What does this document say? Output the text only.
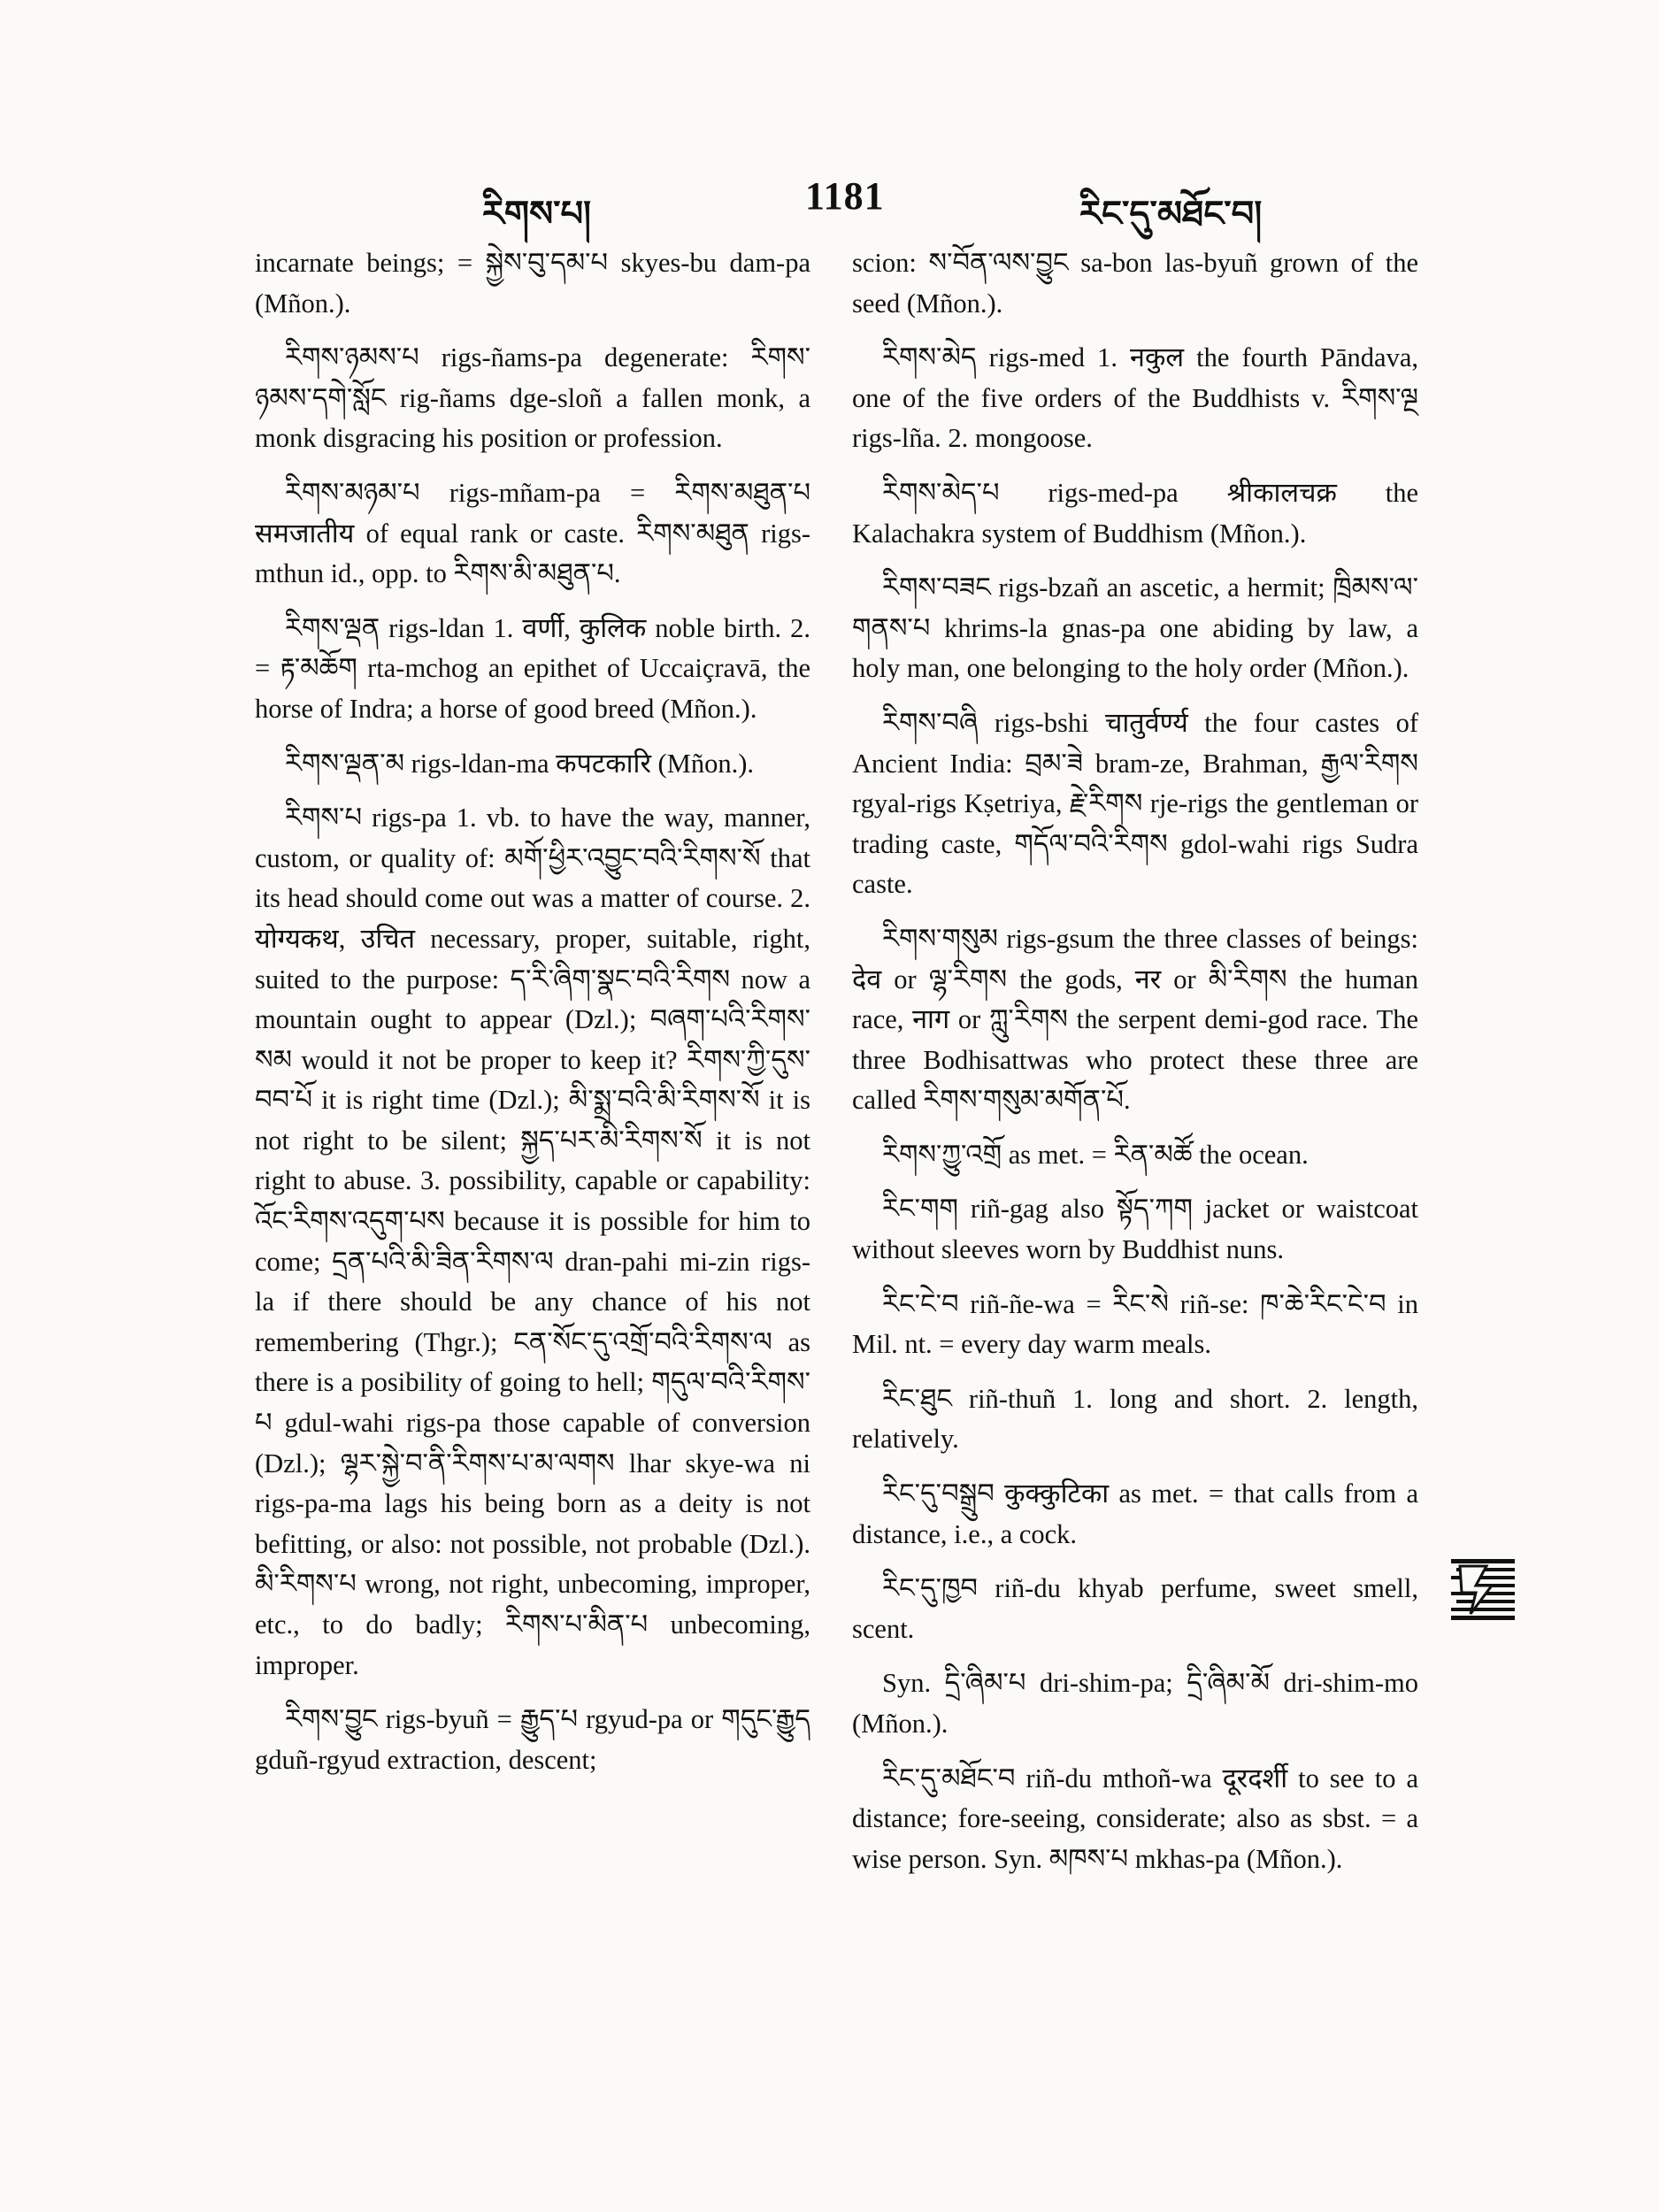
རིགས་པ།	1181	རིང་དུ་མཐོང་བ།

incarnate beings; = སྐྱེས་བུ་དམ་པ skyes-bu dam-pa (Mñon.).

རིགས་ཉམས་པ rigs-ñams-pa degenerate: རིགས་ཉམས་དགེ་སློང rig-ñams dge-sloñ a fallen monk, a monk disgracing his position or profession.

རིགས་མཉམ་པ rigs-mñam-pa = རིགས་མཐུན་པ समजातीय of equal rank or caste. རིགས་མཐུན rigs-mthun id., opp. to རིགས་མི་མཐུན་པ.

རིགས་ལྡན rigs-ldan 1. वर्णी, कुलिक noble birth. 2. = རྟ་མཆོག rta-mchog an epithet of Uccaiçravā, the horse of Indra; a horse of good breed (Mñon.).

རིགས་ལྡན་མ rigs-ldan-ma कपटकारि (Mñon.).

རིགས་པ rigs-pa 1. vb. to have the way, manner, custom, or quality of: མགོ་ཕྱིར་འབྱུང་བའི་རིགས་སོ that its head should come out was a matter of course. 2. योग्यकथ, उचित necessary, proper, suitable, right, suited to the purpose: ད་རི་ཞིག་སྣང་བའི་རིགས now a mountain ought to appear (Dzl.); བཞག་པའི་རིགས་སམ would it not be proper to keep it? རིགས་ཀྱི་དུས་བབ་པོ it is right time (Dzl.); མི་སྨྲ་བའི་མི་རིགས་སོ it is not right to be silent; སྐྱད་པར་མི་རིགས་སོ it is not right to abuse. 3. possibility, capable or capability: འོང་རིགས་འདུག་པས because it is possible for him to come; དྲན་པའི་མི་ཟིན་རིགས་ལ dran-pahi mi-zin rigs-la if there should be any chance of his not remembering (Thgr.); ངན་སོང་དུ་འགྲོ་བའི་རིགས་ལ as there is a posibility of going to hell; གདུལ་བའི་རིགས་པ gdul-wahi rigs-pa those capable of conversion (Dzl.); ལྷར་སྐྱེ་བ་ནི་རིགས་པ་མ་ལགས lhar skye-wa ni rigs-pa-ma lags his being born as a deity is not befitting, or also: not possible, not probable (Dzl.). མི་རིགས་པ wrong, not right, unbecoming, improper, etc., to do badly; རིགས་པ་མིན་པ unbecoming, improper.

རིགས་བྱུང rigs-byuñ = རྒྱུད་པ rgyud-pa or གདུང་རྒྱུད gduñ-rgyud extraction, descent;

scion: ས་བོན་ལས་བྱུང sa-bon las-byuñ grown of the seed (Mñon.).

རིགས་མེད rigs-med 1. नकुल the fourth Pāndava, one of the five orders of the Buddhists v. རིགས་ལྔ rigs-lña. 2. mongoose.

རིགས་མེད་པ rigs-med-pa श्रीकालचक्र the Kalachakra system of Buddhism (Mñon.).

རིགས་བཟང rigs-bzañ an ascetic, a hermit; ཁྲིམས་ལ་གནས་པ khrims-la gnas-pa one abiding by law, a holy man, one belonging to the holy order (Mñon.).

རིགས་བཞི rigs-bshi चातुर्वर्ण्य the four castes of Ancient India: བྲམ་ཟེ bram-ze, Brahman, རྒྱལ་རིགས rgyal-rigs Kṣetriya, རྗེ་རིགས rje-rigs the gentleman or trading caste, གདོལ་བའི་རིགས gdol-wahi rigs Sudra caste.

རིགས་གསུམ rigs-gsum the three classes of beings: देव or ལྷ་རིགས the gods, नर or མི་རིགས the human race, नाग or ཀླུ་རིགས the serpent demi-god race. The three Bodhisattwas who protect these three are called རིགས་གསུམ་མགོན་པོ.

རིགས་ཀྱུ་འགྲོ as met. = རིན་མཚོ the ocean.

རིང་གག riñ-gag also སྟོད་ཀག jacket or waistcoat without sleeves worn by Buddhist nuns.

རིང་ངེ་བ riñ-ñe-wa = རིང་སེ riñ-se: ཁ་ཆེ་རིང་ངེ་བ in Mil. nt. = every day warm meals.

རིང་ཐུང riñ-thuñ 1. long and short. 2. length, relatively.

རིང་དུ་བསྒྲུབ कुक्कुटिका as met. = that calls from a distance, i.e., a cock.

རིང་དུ་ཁྱབ riñ-du khyab perfume, sweet smell, scent.

Syn. དྲི་ཞིམ་པ dri-shim-pa; དྲི་ཞིམ་མོ dri-shim-mo (Mñon.).

རིང་དུ་མཐོང་བ riñ-du mthoñ-wa दूरदर्शी to see to a distance; fore-seeing, considerate; also as sbst. = a wise person. Syn. མཁས་པ mkhas-pa (Mñon.).
